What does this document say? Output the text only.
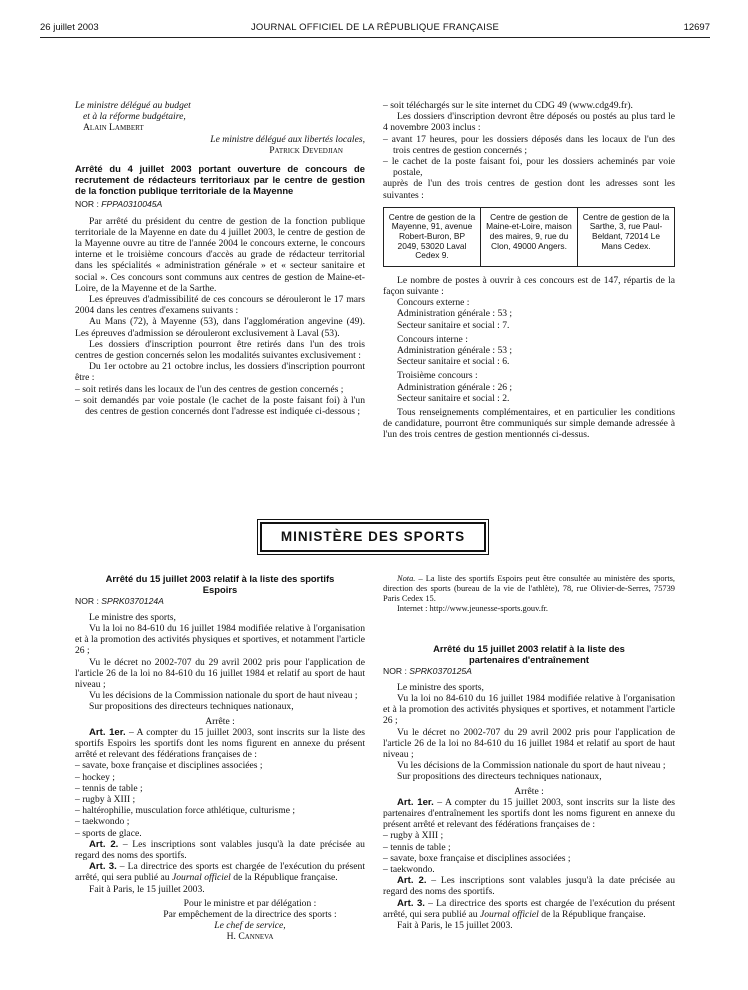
26 juillet 2003	JOURNAL OFFICIEL DE LA RÉPUBLIQUE FRANÇAISE	12697

Le ministre délégué au budget

et à la réforme budgétaire,

Alain Lambert

Le ministre délégué aux libertés locales,

Patrick Devedjian

Arrêté du 4 juillet 2003 portant ouverture de concours de recrutement de rédacteurs territoriaux par le centre de gestion de la fonction publique territoriale de la Mayenne

NOR : FPPA0310045A

Par arrêté du président du centre de gestion de la fonction publique territoriale de la Mayenne en date du 4 juillet 2003, le centre de gestion de la Mayenne ouvre au titre de l'année 2004 le concours externe, le concours interne et le troisième concours d'accès au grade de rédacteur territorial dans les spécialités « administration générale » et « secteur sanitaire et social ». Ces concours sont communs aux centres de gestion de Maine-et-Loire, de la Mayenne et de la Sarthe.

Les épreuves d'admissibilité de ces concours se dérouleront le 17 mars 2004 dans les centres d'examens suivants :

Au Mans (72), à Mayenne (53), dans l'agglomération angevine (49). Les épreuves d'admission se dérouleront exclusivement à Laval (53).

Les dossiers d'inscription pourront être retirés dans l'un des trois centres de gestion concernés selon les modalités suivantes exclusivement :

Du 1er octobre au 21 octobre inclus, les dossiers d'inscription pourront être :

– soit retirés dans les locaux de l'un des centres de gestion concernés ;

– soit demandés par voie postale (le cachet de la poste faisant foi) à l'un des centres de gestion concernés dont l'adresse est indiquée ci-dessous ;

– soit téléchargés sur le site internet du CDG 49 (www.cdg49.fr).

Les dossiers d'inscription devront être déposés ou postés au plus tard le 4 novembre 2003 inclus :

– avant 17 heures, pour les dossiers déposés dans les locaux de l'un des trois centres de gestion concernés ;

– le cachet de la poste faisant foi, pour les dossiers acheminés par voie postale,

auprès de l'un des trois centres de gestion dont les adresses sont les suivantes :

Centre de gestion de la Mayenne, 91, avenue Robert-Buron, BP 2049, 53020 Laval Cedex 9.	Centre de gestion de Maine-et-Loire, maison des maires, 9, rue du Clon, 49000 Angers.	Centre de gestion de la Sarthe, 3, rue Paul-Beldant, 72014 Le Mans Cedex.

Le nombre de postes à ouvrir à ces concours est de 147, répartis de la façon suivante :

Concours externe :

Administration générale : 53 ;

Secteur sanitaire et social : 7.

Concours interne :

Administration générale : 53 ;

Secteur sanitaire et social : 6.

Troisième concours :

Administration générale : 26 ;

Secteur sanitaire et social : 2.

Tous renseignements complémentaires, et en particulier les conditions de candidature, pourront être communiqués sur simple demande adressée à l'un des trois centres de gestion mentionnés ci-dessus.

MINISTÈRE DES SPORTS

Arrêté du 15 juillet 2003 relatif à la liste des sportifs Espoirs

NOR : SPRK0370124A

Le ministre des sports,

Vu la loi no 84-610 du 16 juillet 1984 modifiée relative à l'organisation et à la promotion des activités physiques et sportives, et notamment l'article 26 ;

Vu le décret no 2002-707 du 29 avril 2002 pris pour l'application de l'article 26 de la loi no 84-610 du 16 juillet 1984 et relatif au sport de haut niveau ;

Vu les décisions de la Commission nationale du sport de haut niveau ;

Sur propositions des directeurs techniques nationaux,

Arrête :

Art. 1er. – A compter du 15 juillet 2003, sont inscrits sur la liste des sportifs Espoirs les sportifs dont les noms figurent en annexe du présent arrêté et relevant des fédérations françaises de :

– savate, boxe française et disciplines associées ;

– hockey ;

– tennis de table ;

– rugby à XIII ;

– haltérophilie, musculation force athlétique, culturisme ;

– taekwondo ;

– sports de glace.

Art. 2. – Les inscriptions sont valables jusqu'à la date précisée au regard des noms des sportifs.

Art. 3. – La directrice des sports est chargée de l'exécution du présent arrêté, qui sera publié au Journal officiel de la République française.

Fait à Paris, le 15 juillet 2003.

Pour le ministre et par délégation :

Par empêchement de la directrice des sports :

Le chef de service,

H. Canneva

Nota. – La liste des sportifs Espoirs peut être consultée au ministère des sports, direction des sports (bureau de la vie de l'athlète), 78, rue Olivier-de-Serres, 75739 Paris Cedex 15.

Internet : http://www.jeunesse-sports.gouv.fr.

Arrêté du 15 juillet 2003 relatif à la liste des partenaires d'entraînement

NOR : SPRK0370125A

Le ministre des sports,

Vu la loi no 84-610 du 16 juillet 1984 modifiée relative à l'organisation et à la promotion des activités physiques et sportives, et notamment l'article 26 ;

Vu le décret no 2002-707 du 29 avril 2002 pris pour l'application de l'article 26 de la loi no 84-610 du 16 juillet 1984 et relatif au sport de haut niveau ;

Vu les décisions de la Commission nationale du sport de haut niveau ;

Sur propositions des directeurs techniques nationaux,

Arrête :

Art. 1er. – A compter du 15 juillet 2003, sont inscrits sur la liste des partenaires d'entraînement les sportifs dont les noms figurent en annexe du présent arrêté et relevant des fédérations françaises de :

– rugby à XIII ;

– tennis de table ;

– savate, boxe française et disciplines associées ;

– taekwondo.

Art. 2. – Les inscriptions sont valables jusqu'à la date précisée au regard des noms des sportifs.

Art. 3. – La directrice des sports est chargée de l'exécution du présent arrêté, qui sera publié au Journal officiel de la République française.

Fait à Paris, le 15 juillet 2003.
